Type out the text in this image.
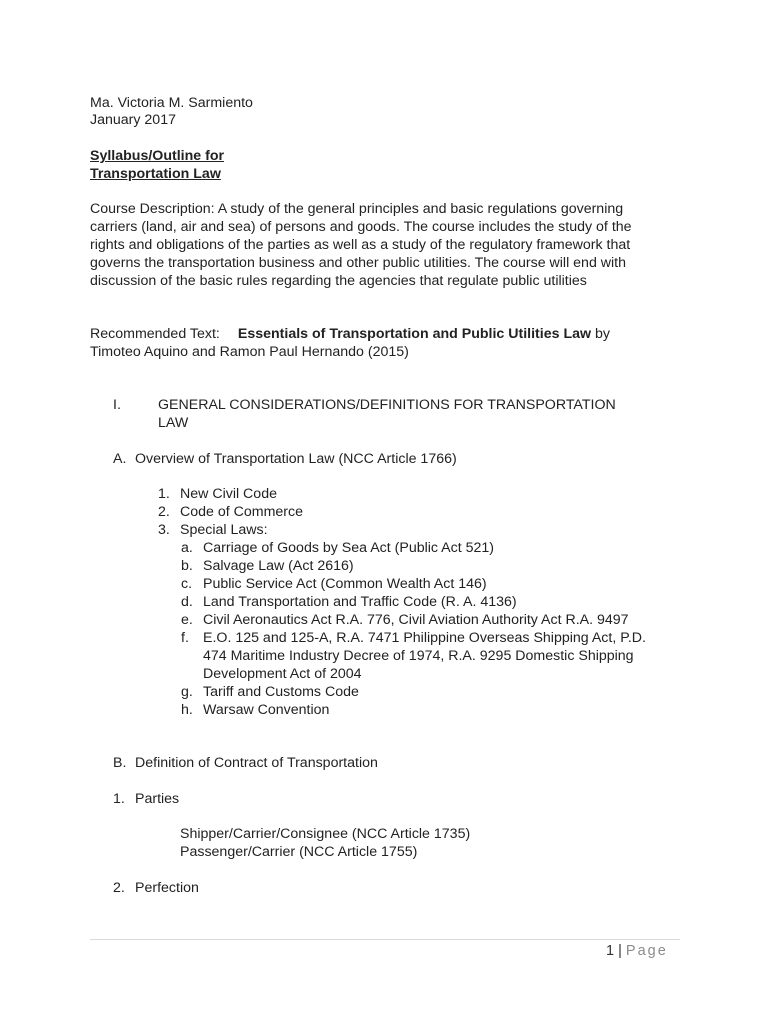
Ma. Victoria M. Sarmiento

January 2017

Syllabus/Outline for

Transportation Law

Course Description: A study of the general principles and basic regulations governing

carriers (land, air and sea) of persons and goods. The course includes the study of the

rights and obligations of the parties as well as a study of the regulatory framework that

governs the transportation business and other public utilities. The course will end with

discussion of the basic rules regarding the agencies that regulate public utilities

Recommended Text: Essentials of Transportation and Public Utilities Law by

Timoteo Aquino and Ramon Paul Hernando (2015)

I.	GENERAL CONSIDERATIONS/DEFINITIONS FOR TRANSPORTATION

LAW

A. Overview of Transportation Law (NCC Article 1766)

1. New Civil Code

2. Code of Commerce

3. Special Laws:

a. Carriage of Goods by Sea Act (Public Act 521)

b. Salvage Law (Act 2616)

c. Public Service Act (Common Wealth Act 146)

d. Land Transportation and Traffic Code (R. A. 4136)

e. Civil Aeronautics Act R.A. 776, Civil Aviation Authority Act R.A. 9497

f. E.O. 125 and 125-A, R.A. 7471 Philippine Overseas Shipping Act, P.D.

474 Maritime Industry Decree of 1974, R.A. 9295 Domestic Shipping

Development Act of 2004

g. Tariff and Customs Code

h. Warsaw Convention

B. Definition of Contract of Transportation

1. Parties

Shipper/Carrier/Consignee (NCC Article 1735)

Passenger/Carrier (NCC Article 1755)

2. Perfection

1 | Page
